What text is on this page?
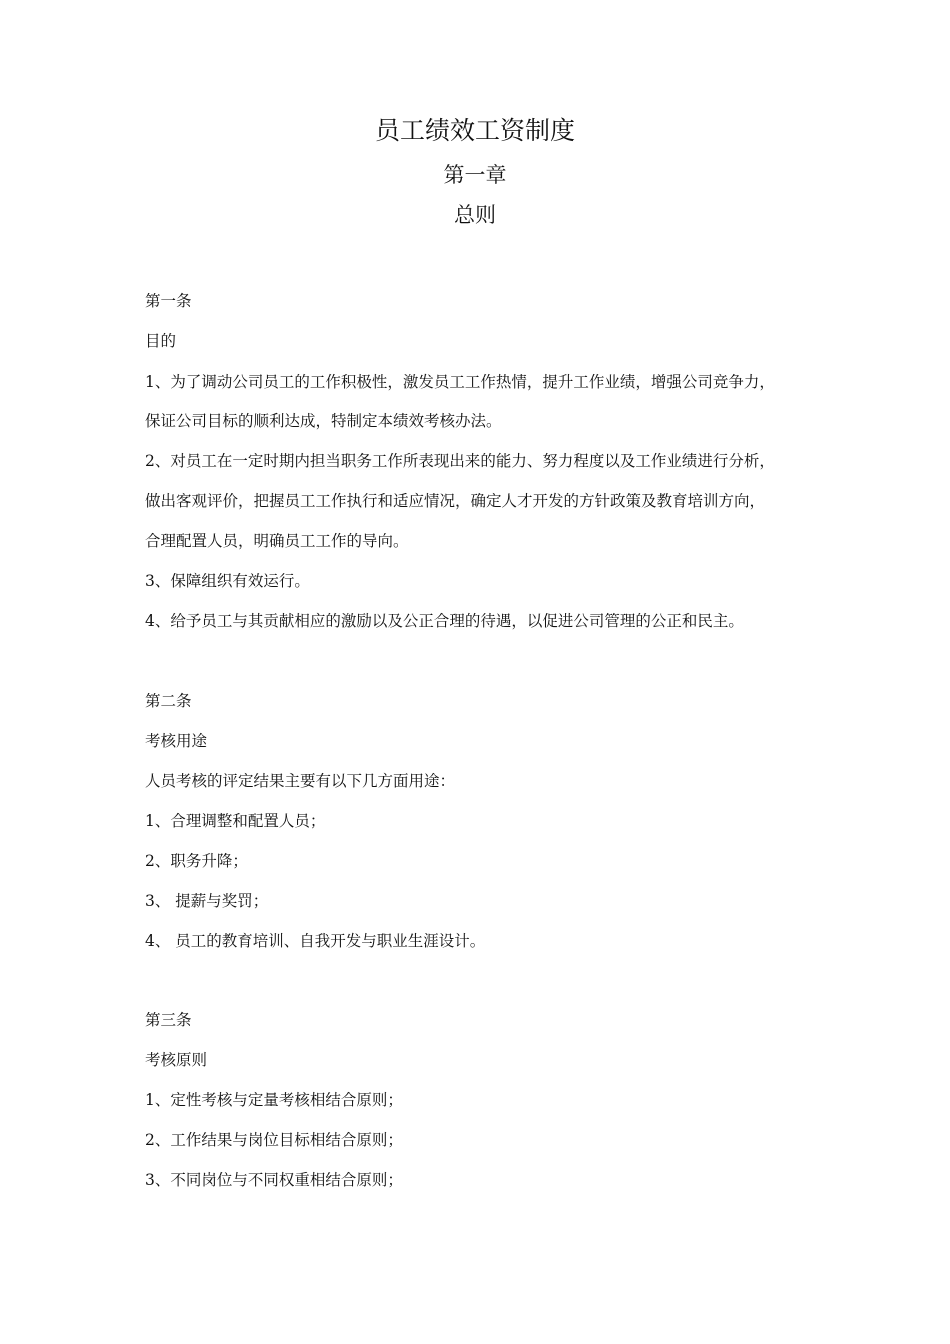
员工绩效工资制度
第一章
总则
第一条
目的
1、为了调动公司员工的工作积极性，激发员工工作热情，提升工作业绩，增强公司竞争力，
保证公司目标的顺利达成，特制定本绩效考核办法。
2、对员工在一定时期内担当职务工作所表现出来的能力、努力程度以及工作业绩进行分析，
做出客观评价，把握员工工作执行和适应情况，确定人才开发的方针政策及教育培训方向，
合理配置人员，明确员工工作的导向。
3、保障组织有效运行。
4、给予员工与其贡献相应的激励以及公正合理的待遇，以促进公司管理的公正和民主。
第二条
考核用途
人员考核的评定结果主要有以下几方面用途：
1、合理调整和配置人员；
2、职务升降；
3、 提薪与奖罚；
4、 员工的教育培训、自我开发与职业生涯设计。
第三条
考核原则
1、定性考核与定量考核相结合原则；
2、工作结果与岗位目标相结合原则；
3、不同岗位与不同权重相结合原则；
